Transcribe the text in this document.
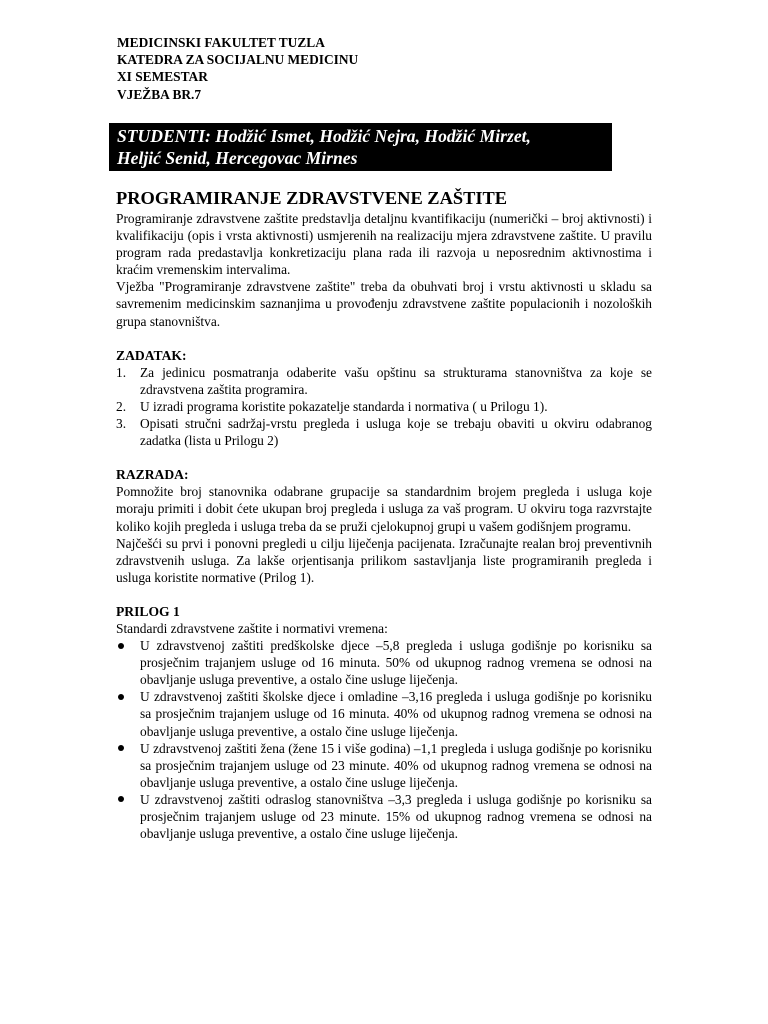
MEDICINSKI FAKULTET TUZLA
KATEDRA ZA SOCIJALNU MEDICINU
XI SEMESTAR
VJEŽBA BR.7
STUDENTI: Hodžić Ismet, Hodžić Nejra, Hodžić Mirzet,
Heljić Senid, Hercegovac Mirnes
PROGRAMIRANJE ZDRAVSTVENE ZAŠTITE

Programiranje zdravstvene zaštite predstavlja detaljnu kvantifikaciju (numerički – broj aktivnosti) i kvalifikaciju (opis i vrsta aktivnosti) usmjerenih na realizaciju mjera zdravstvene zaštite. U pravilu program rada predastavlja konkretizaciju plana rada ili razvoja u neposrednim aktivnostima i kraćim vremenskim intervalima.

Vježba "Programiranje zdravstvene zaštite" treba da obuhvati broj i vrstu aktivnosti u skladu sa savremenim medicinskim saznanjima u provođenju zdravstvene zaštite populacionih i nozoloških grupa stanovništva.

ZADATAK:
1. Za jedinicu posmatranja odaberite vašu opštinu sa strukturama stanovništva za koje se zdravstvena zaštita programira.
2. U izradi programa koristite pokazatelje standarda i normativa ( u Prilogu 1).
3. Opisati stručni sadržaj-vrstu pregleda i usluga koje se trebaju obaviti u okviru odabranog zadatka (lista u Prilogu 2)
RAZRADA:

Pomnožite broj stanovnika odabrane grupacije sa standardnim brojem pregleda i usluga koje moraju primiti i dobit ćete ukupan broj pregleda i usluga za vaš program. U okviru toga razvrstajte koliko kojih pregleda i usluga treba da se pruži cjelokupnoj grupi u vašem godišnjem programu.

Najčešći su prvi i ponovni pregledi u cilju liječenja pacijenata. Izračunajte realan broj preventivnih zdravstvenih usluga. Za lakše orjentisanja prilikom sastavljanja liste programiranih pregleda i usluga koristite normative (Prilog 1).

PRILOG 1

Standardi zdravstvene zaštite i normativi vremena:

U zdravstvenoj zaštiti predškolske djece –5,8 pregleda i usluga godišnje po korisniku sa prosječnim trajanjem usluge od 16 minuta. 50% od ukupnog radnog vremena se odnosi na obavljanje usluga preventive, a ostalo čine usluge liječenja.
U zdravstvenoj zaštiti školske djece i omladine –3,16 pregleda i usluga godišnje po korisniku sa prosječnim trajanjem usluge od 16 minuta. 40% od ukupnog radnog vremena se odnosi na obavljanje usluga preventive, a ostalo čine usluge liječenja.
U zdravstvenoj zaštiti žena (žene 15 i više godina) –1,1 pregleda i usluga godišnje po korisniku sa prosječnim trajanjem usluge od 23 minute. 40% od ukupnog radnog vremena se odnosi na obavljanje usluga preventive, a ostalo čine usluge liječenja.
U zdravstvenoj zaštiti odraslog stanovništva –3,3 pregleda i usluga godišnje po korisniku sa prosječnim trajanjem usluge od 23 minute. 15% od ukupnog radnog vremena se odnosi na obavljanje usluga preventive, a ostalo čine usluge liječenja.
